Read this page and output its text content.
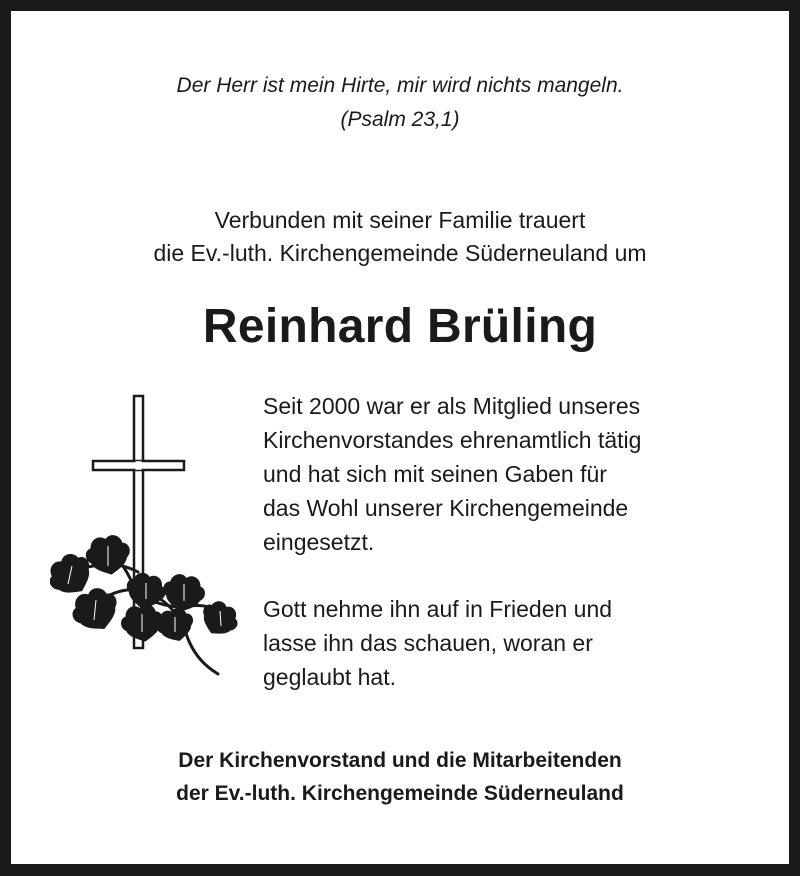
Der Herr ist mein Hirte, mir wird nichts mangeln.
(Psalm 23,1)
Verbunden mit seiner Familie trauert
die Ev.-luth. Kirchengemeinde Süderneuland um
Reinhard Brüling
Seit 2000 war er als Mitglied unseres
Kirchenvorstandes ehrenamtlich tätig
und hat sich mit seinen Gaben für
das Wohl unserer Kirchengemeinde
eingesetzt.
Gott nehme ihn auf in Frieden und
lasse ihn das schauen, woran er
geglaubt hat.
Der Kirchenvorstand und die Mitarbeitenden
der Ev.-luth. Kirchengemeinde Süderneuland
